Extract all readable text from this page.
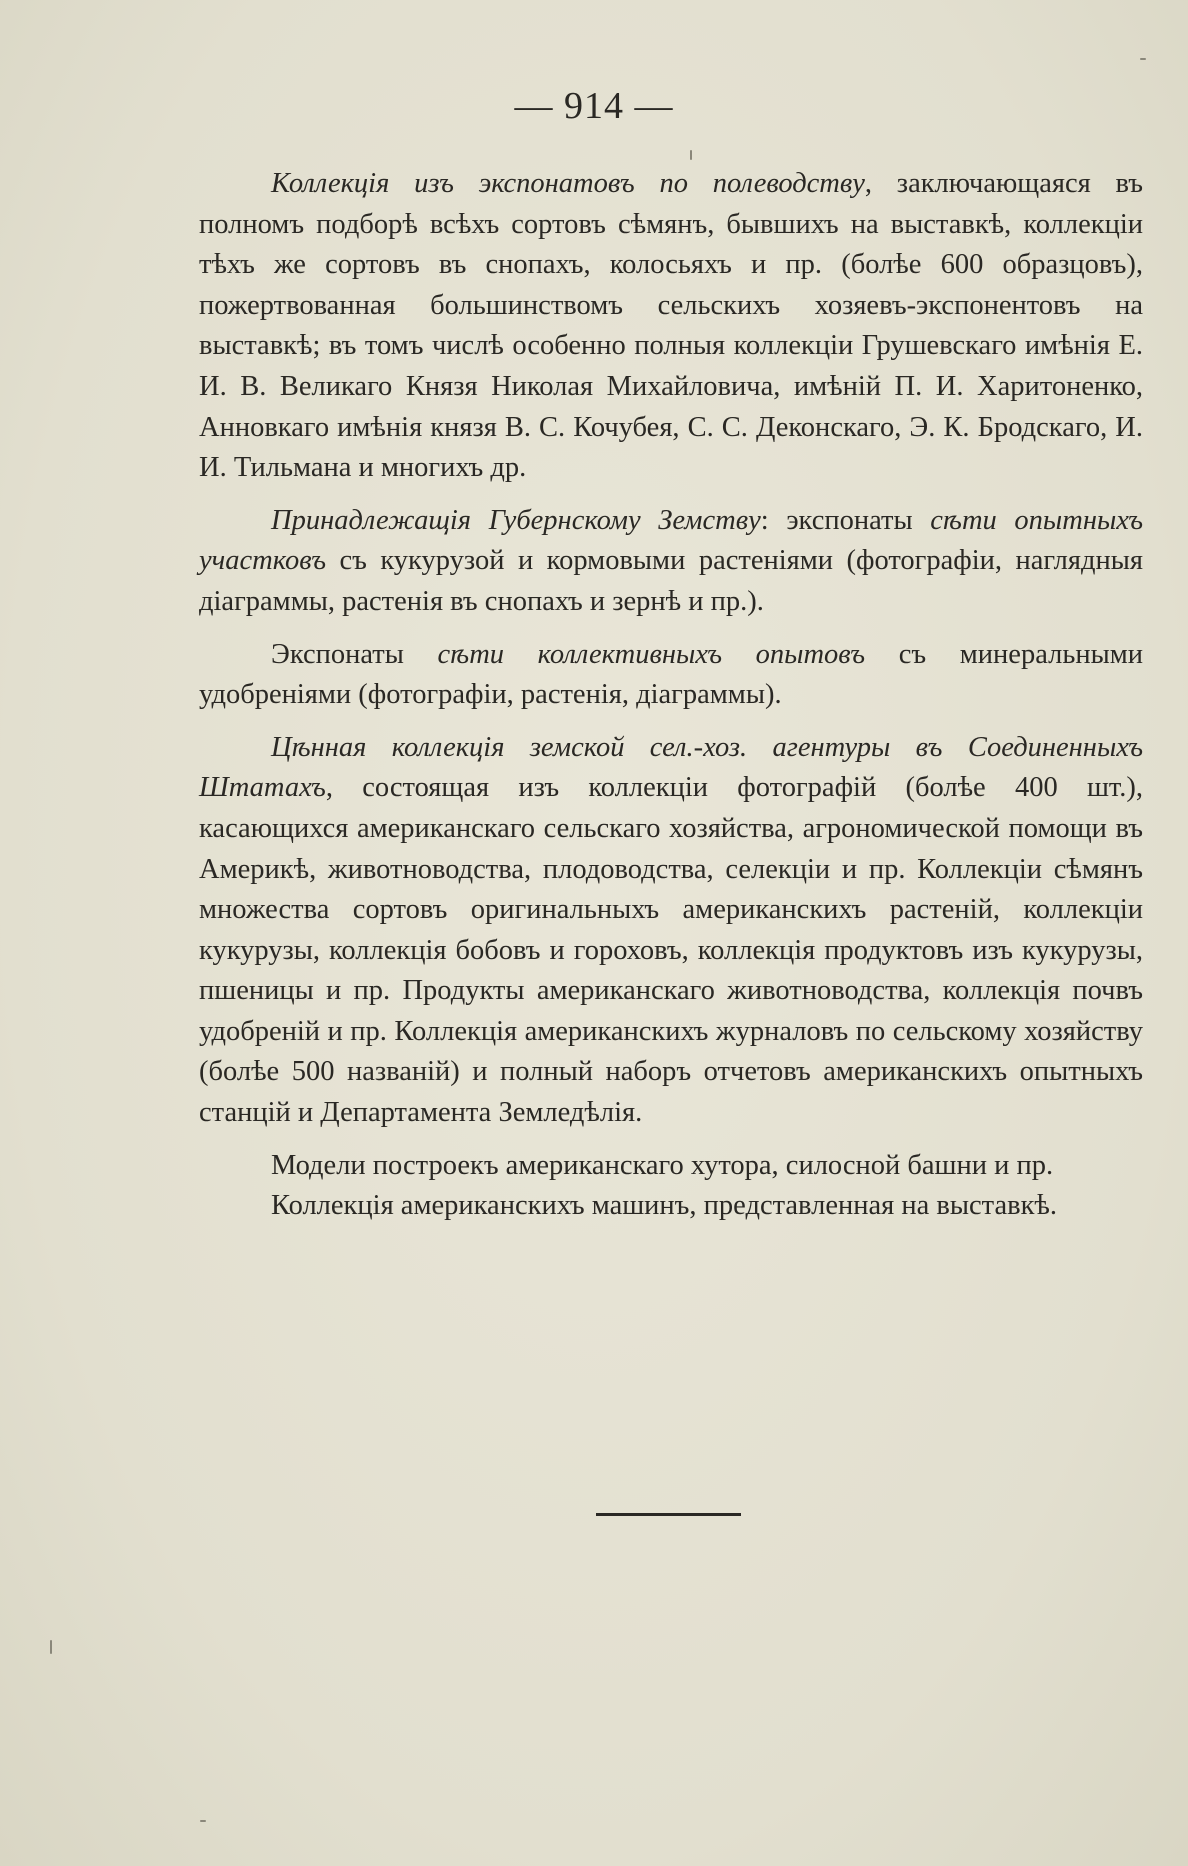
— 914 —

Коллекція изъ экспонатовъ по полеводству, заключающаяся въ полномъ подборѣ всѣхъ сортовъ сѣмянъ, бывшихъ на выставкѣ, коллекціи тѣхъ же сортовъ въ снопахъ, колосьяхъ и пр. (болѣе 600 образцовъ), пожертвованная большинствомъ сельскихъ хозяевъ-экспонентовъ на выставкѣ; въ томъ числѣ особенно полныя коллекціи Грушевскаго имѣнія Е. И. В. Великаго Князя Николая Михайловича, имѣній П. И. Харитоненко, Анновкаго имѣнія князя В. С. Кочубея, С. С. Деконскаго, Э. К. Бродскаго, И. И. Тильмана и многихъ др.

Принадлежащія Губернскому Земству: экспонаты сѣти опытныхъ участковъ съ кукурузой и кормовыми растеніями (фотографіи, наглядныя діаграммы, растенія въ снопахъ и зернѣ и пр.).

Экспонаты сѣти коллективныхъ опытовъ съ минеральными удобреніями (фотографіи, растенія, діаграммы).

Цѣнная коллекція земской сел.-хоз. агентуры въ Соединенныхъ Штатахъ, состоящая изъ коллекціи фотографій (болѣе 400 шт.), касающихся американскаго сельскаго хозяйства, агрономической помощи въ Америкѣ, животноводства, плодоводства, селекціи и пр. Коллекціи сѣмянъ множества сортовъ оригинальныхъ американскихъ растеній, коллекціи кукурузы, коллекція бобовъ и гороховъ, коллекція продуктовъ изъ кукурузы, пшеницы и пр. Продукты американскаго животноводства, коллекція почвъ удобреній и пр. Коллекція американскихъ журналовъ по сельскому хозяйству (болѣе 500 названій) и полный наборъ отчетовъ американскихъ опытныхъ станцій и Департамента Земледѣлія.

Модели построекъ американскаго хутора, силосной башни и пр.

Коллекція американскихъ машинъ, представленная на выставкѣ.
